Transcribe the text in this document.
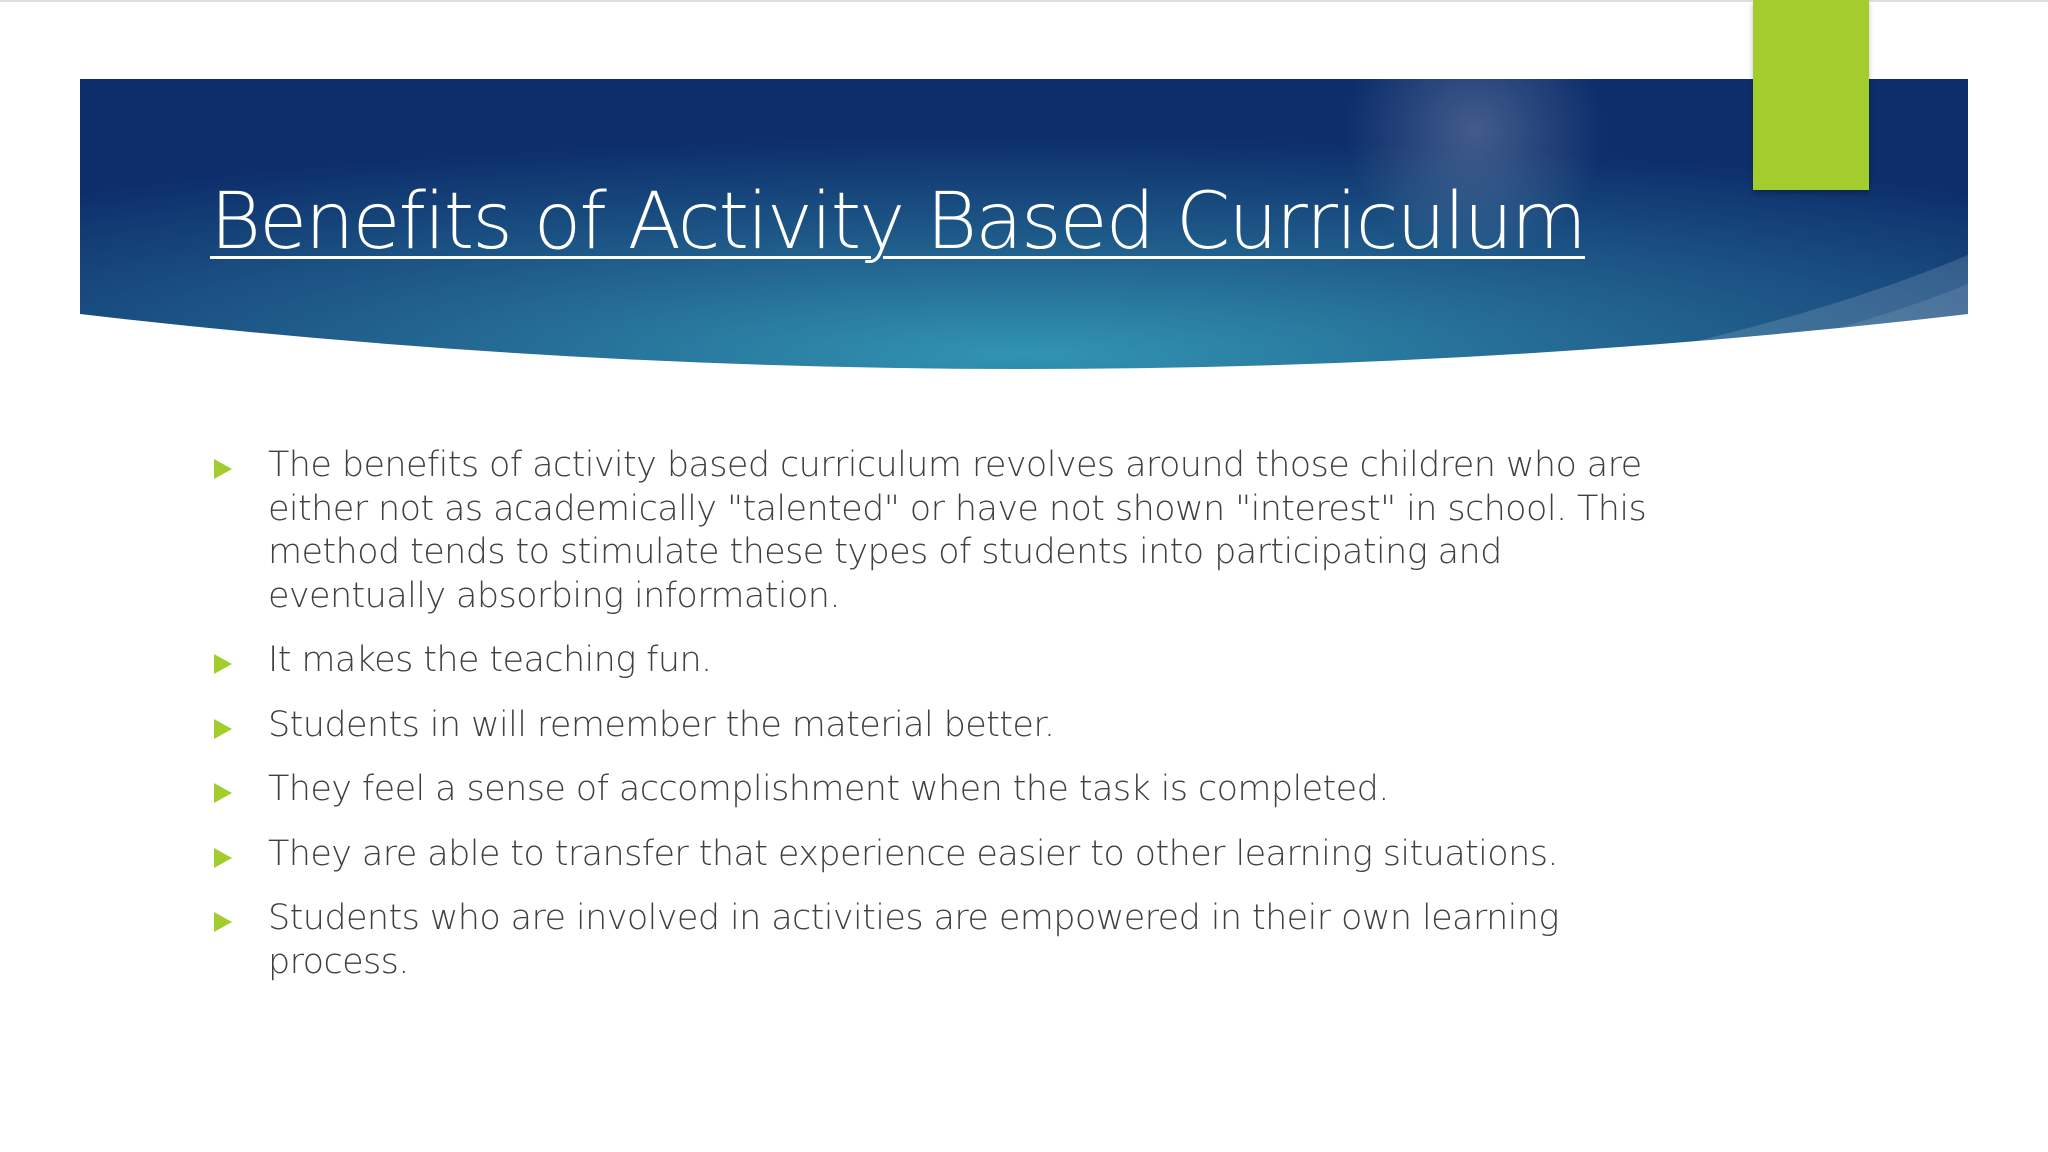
Benefits of Activity Based Curriculum
The benefits of activity based curriculum revolves around those children who are either not as academically "talented" or have not shown "interest" in school. This method tends to stimulate these types of students into participating and eventually absorbing information.
It makes the teaching fun.
Students in will remember the material better.
They feel a sense of accomplishment when the task is completed.
They are able to transfer that experience easier to other learning situations.
Students who are involved in activities are empowered in their own learning process.
